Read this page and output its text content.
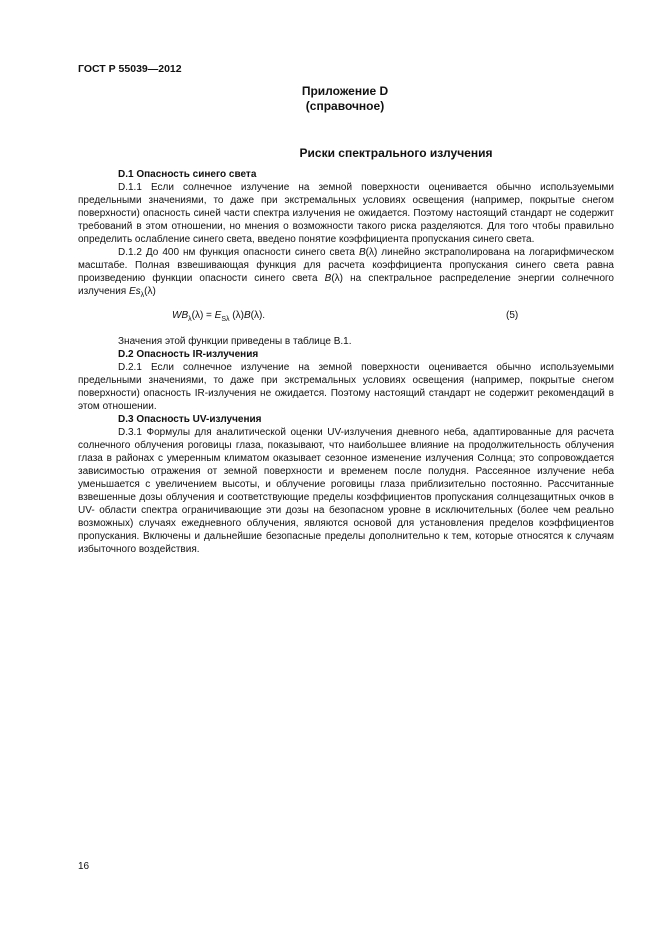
ГОСТ Р 55039—2012
Приложение D
(справочное)
Риски спектрального излучения

D.1 Опасность синего света

D.1.1 Если солнечное излучение на земной поверхности оценивается обычно используемыми предельными значениями, то даже при экстремальных условиях освещения (например, покрытые снегом поверхности) опасность синей части спектра излучения не ожидается. Поэтому настоящий стандарт не содержит требований в этом отношении, но мнения о возможности такого риска разделяются. Для того чтобы правильно определить ослабление синего света, введено понятие коэффициента пропускания синего света.

D.1.2 До 400 нм функция опасности синего света B(λ) линейно экстраполирована на логарифмическом масштабе. Полная взвешивающая функция для расчета коэффициента пропускания синего света равна произведению функции опасности синего света B(λ) на спектральное распределение энергии солнечного излучения $Es_\lambda(\lambda)$

$WB_\lambda(\lambda) = E_{S\lambda}$ (λ)B(λ).	(5)

Значения этой функции приведены в таблице В.1.

D.2 Опасность IR-излучения

D.2.1 Если солнечное излучение на земной поверхности оценивается обычно используемыми предельными значениями, то даже при экстремальных условиях освещения (например, покрытые снегом поверхности) опасность IR-излучения не ожидается. Поэтому настоящий стандарт не содержит рекомендаций в этом отношении.

D.3 Опасность UV-излучения

D.3.1 Формулы для аналитической оценки UV-излучения дневного неба, адаптированные для расчета солнечного облучения роговицы глаза, показывают, что наибольшее влияние на продолжительность облучения глаза в районах с умеренным климатом оказывает сезонное изменение излучения Солнца; это сопровождается зависимостью отражения от земной поверхности и временем после полудня. Рассеянное излучение неба уменьшается с увеличением высоты, и облучение роговицы глаза приблизительно постоянно. Рассчитанные взвешенные дозы облучения и соответствующие пределы коэффициентов пропускания солнцезащитных очков в UV- области спектра ограничивающие эти дозы на безопасном уровне в исключительных (более чем реально возможных) случаях ежедневного облучения, являются основой для установления пределов коэффициентов пропускания. Включены и дальнейшие безопасные пределы дополнительно к тем, которые относятся к случаям избыточного воздействия.

16
